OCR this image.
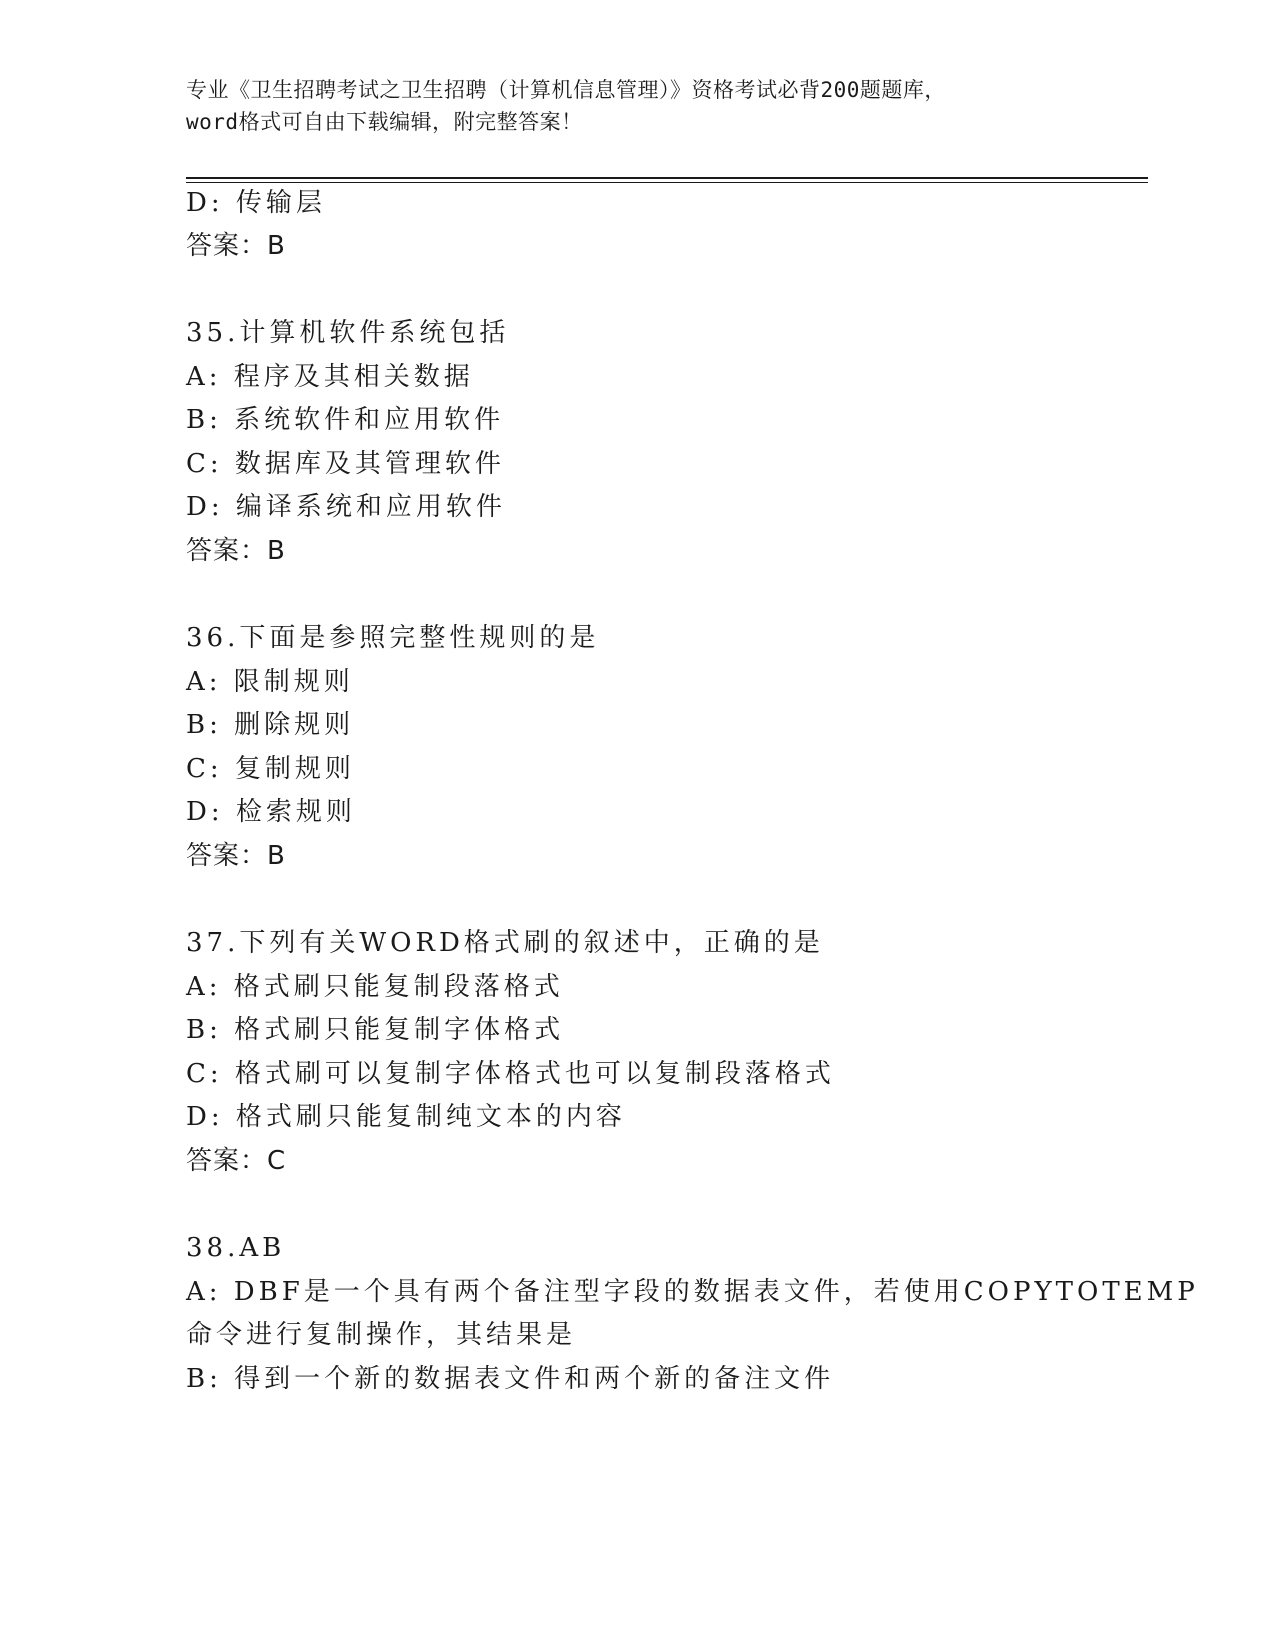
专业《卫生招聘考试之卫生招聘（计算机信息管理）》资格考试必背200题题库，
word格式可自由下载编辑，附完整答案！
D: 传输层
答案：B
35.计算机软件系统包括
A: 程序及其相关数据
B: 系统软件和应用软件
C: 数据库及其管理软件
D: 编译系统和应用软件
答案：B
36.下面是参照完整性规则的是
A: 限制规则
B: 删除规则
C: 复制规则
D: 检索规则
答案：B
37.下列有关WORD格式刷的叙述中，正确的是
A: 格式刷只能复制段落格式
B: 格式刷只能复制字体格式
C: 格式刷可以复制字体格式也可以复制段落格式
D: 格式刷只能复制纯文本的内容
答案：C
38.AB
A: DBF是一个具有两个备注型字段的数据表文件，若使用COPYTOTEMP
命令进行复制操作，其结果是
B: 得到一个新的数据表文件和两个新的备注文件
